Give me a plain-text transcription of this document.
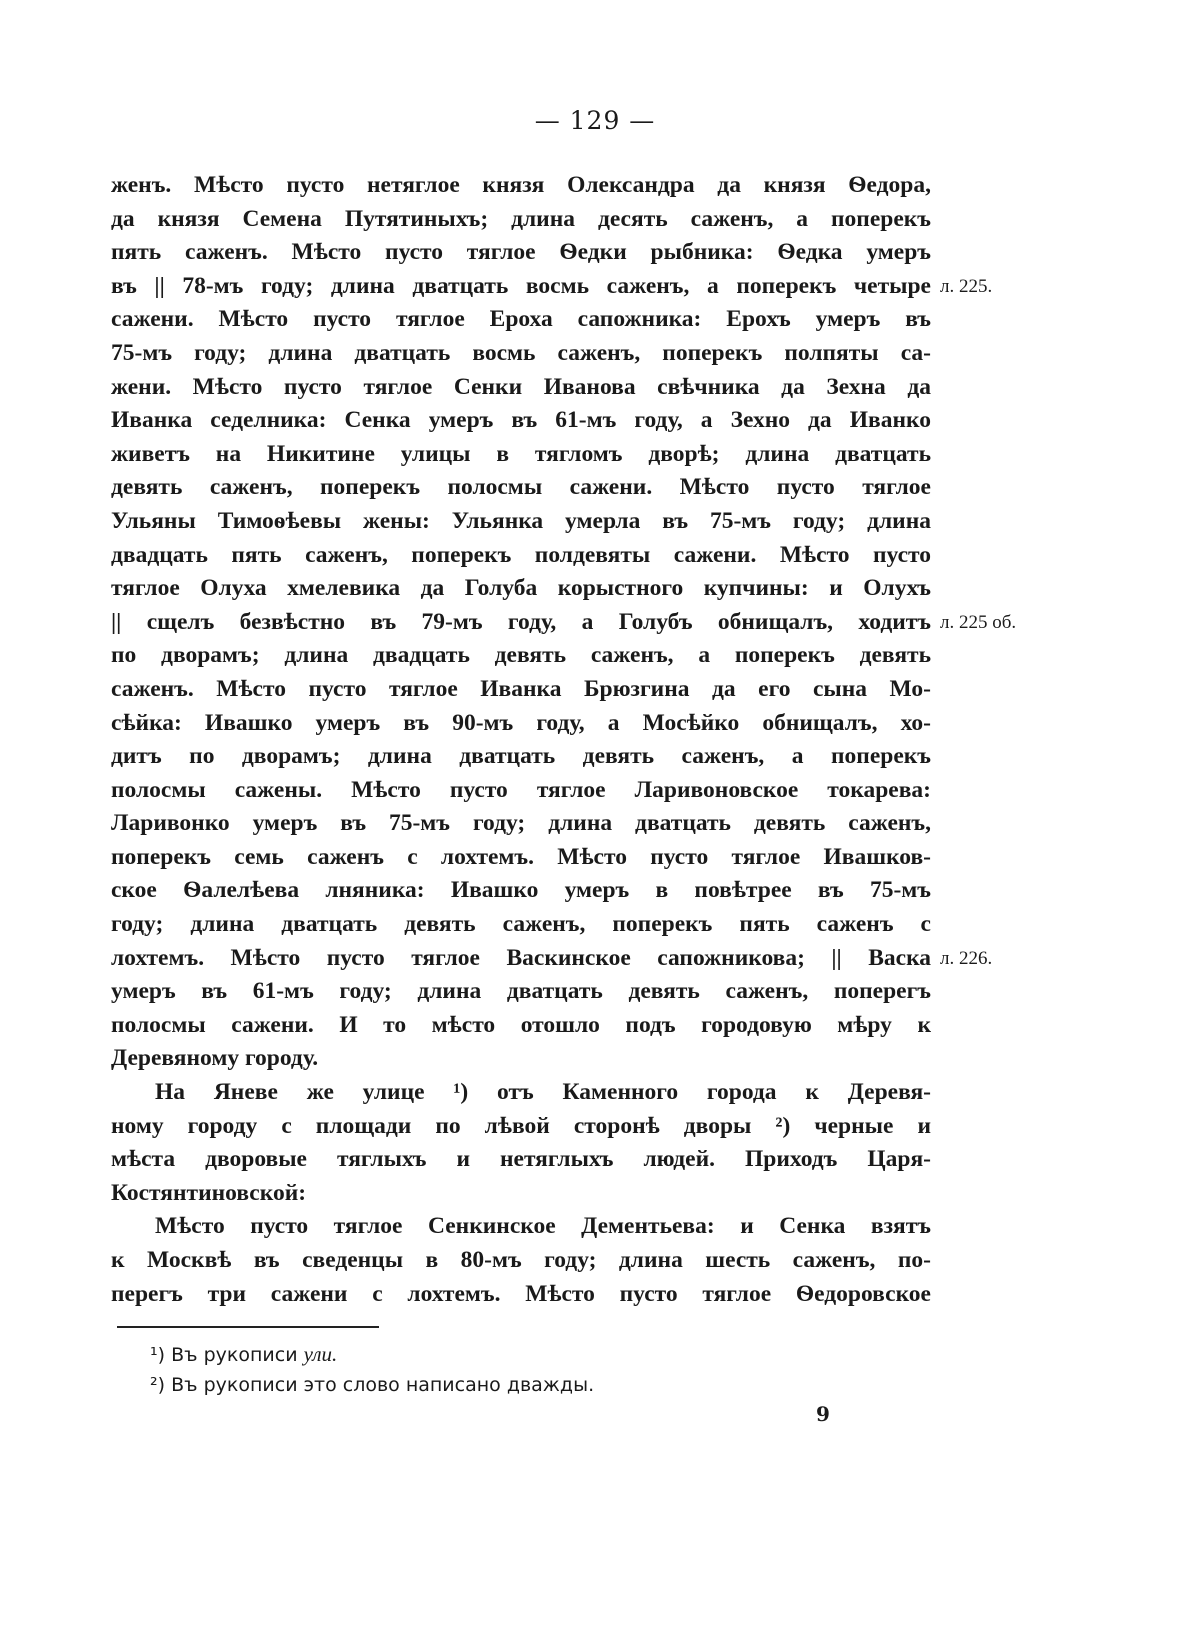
— 129 —
женъ. Мѣсто пусто нетяглое князя Олександра да князя Ѳедора,
да князя Семена Путятиныхъ; длина десять саженъ, а поперекъ
пять саженъ. Мѣсто пусто тяглое Ѳедки рыбника: Ѳедка умеръ
въ || 78-мъ году; длина дватцать восмь саженъ, а поперекъ четыре л. 225.
сажени. Мѣсто пусто тяглое Ероха сапожника: Ерохъ умеръ въ
75-мъ году; длина дватцать восмь саженъ, поперекъ полпяты са-
жени. Мѣсто пусто тяглое Сенки Иванова свѣчника да Зехна да
Иванка седелника: Сенка умеръ въ 61-мъ году, а Зехно да Иванко
живетъ на Никитине улицы в тягломъ дворѣ; длина дватцать
девять саженъ, поперекъ полосмы сажени. Мѣсто пусто тяглое
Ульяны Тимоѳѣевы жены: Ульянка умерла въ 75-мъ году; длина
двадцать пять саженъ, поперекъ полдевяты сажени. Мѣсто пусто
тяглое Олуха хмелевика да Голуба корыстного купчины: и Олухъ
|| сщелъ безвѣстно въ 79-мъ году, а Голубъ обнищалъ, ходитъ л. 225 об.
по дворамъ; длина двадцать девять саженъ, а поперекъ девять
саженъ. Мѣсто пусто тяглое Иванка Брюзгина да его сына Мо-
сѣйка: Ивашко умеръ въ 90-мъ году, а Мосѣйко обнищалъ, хо-
дитъ по дворамъ; длина дватцать девять саженъ, а поперекъ
полосмы сажены. Мѣсто пусто тяглое Ларивоновское токарева:
Ларивонко умеръ въ 75-мъ году; длина дватцать девять саженъ,
поперекъ семь саженъ с лохтемъ. Мѣсто пусто тяглое Ивашков-
ское Ѳалелѣева лняника: Ивашко умеръ в повѣтрее въ 75-мъ
году; длина дватцать девять саженъ, поперекъ пять саженъ с
лохтемъ. Мѣсто пусто тяглое Васкинское сапожникова; || Васка л. 226.
умеръ въ 61-мъ году; длина дватцать девять саженъ, поперегъ
полосмы сажени. И то мѣсто отошло подъ городовую мѣру к
Деревяному городу.
На Яневе же улице ¹) отъ Каменного города к Деревя-
ному городу с площади по лѣвой сторонѣ дворы ²) черные и
мѣста дворовые тяглыхъ и нетяглыхъ людей. Приходъ Царя-
Костянтиновской:
Мѣсто пусто тяглое Сенкинское Дементьева: и Сенка взятъ
к Москвѣ въ сведенцы в 80-мъ году; длина шесть саженъ, по-
перегъ три сажени с лохтемъ. Мѣсто пусто тяглое Ѳедоровское
¹) Въ рукописи ули.
²) Въ рукописи это слово написано дважды.
9
